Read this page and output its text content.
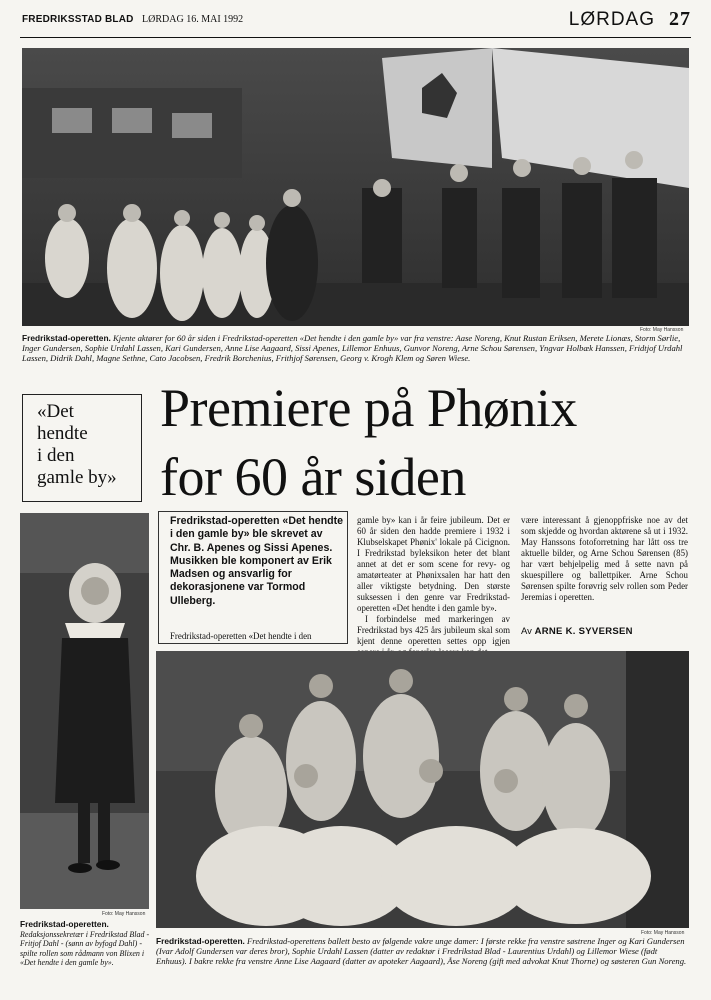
FREDRIKSSTAD BLAD LØRDAG 16. MAI 1992	LØRDAG 27
Foto: May Hansson
Fredrikstad-operetten. Kjente aktører for 60 år siden i Fredrikstad-operetten «Det hendte i den gamle by» var fra venstre: Aase Noreng, Knut Rustan Eriksen, Merete Lionæs, Storm Sørlie, Inger Gundersen, Sophie Urdahl Lassen, Kari Gundersen, Anne Lise Aagaard, Sissi Apenes, Lillemor Enhuus, Gunvor Noreng, Arne Schou Sørensen, Yngvar Holbæk Hanssen, Fridtjof Urdahl Lassen, Didrik Dahl, Magne Sethne, Cato Jacobsen, Fredrik Borchenius, Frithjof Sørensen, Georg v. Krogh Klem og Søren Wiese.
«Det
hendte
i den
gamle by»
Premiere på Phønix
for 60 år siden
Foto: May Hansson
Fredrikstad-operetten. Redaksjonssekretær i Fredrikstad Blad - Fritjof Dahl - (sønn av byfogd Dahl) - spilte rollen som rådmann von Blixen i «Det hendte i den gamle by».
Fredrikstad-operetten «Det hendte i den gamle by» ble skrevet av Chr. B. Apenes og Sissi Apenes. Musikken ble komponert av Erik Madsen og ansvarlig for dekorasjonene var Tormod Ulleberg.
Fredrikstad-operetten «Det hendte i den

gamle by» kan i år feire jubileum. Det er 60 år siden den hadde premiere i 1932 i Klubselskapet Phønix' lokale på Cicignon. I Fredrikstad byleksikon heter det blant annet at det er som scene for revy- og amatørteater at Phønixsalen har hatt den aller viktigste betydning. Den største suksessen i den genre var Fredrikstad-operetten «Det hendte i den gamle by».

I forbindelse med markeringen av Fredrikstad bys 425 års jubileum skal som kjent denne operetten settes opp igjen

være interessant å gjenoppfriske noe av det som skjedde og hvordan aktørene så ut i 1932. May Hanssons fotoforretning har lått oss tre aktuelle bilder, og Arne Schou Sørensen (85) har vært behjelpelig med å sette navn på skuespillere og ballettpiker. Arne Schou Sørensen spilte forøvrig selv rollen som Peder Jeremias i operetten.

Av ARNE K. SYVERSEN
Foto: May Hansson
Fredrikstad-operetten. Fredrikstad-operettens ballett besto av følgende vakre unge damer: I første rekke fra venstre søstrene Inger og Kari Gundersen (Ivar Adolf Gundersen var deres bror), Sophie Urdahl Lassen (datter av redaktør i Fredrikstad Blad - Laurentius Urdahl) og Lillemor Wiese (født Enhuus). I bakre rekke fra venstre Anne Lise Aagaard (datter av apoteker Aagaard), Åse Noreng (gift med advokat Knut Thorne) og søsteren Gun Noreng.
